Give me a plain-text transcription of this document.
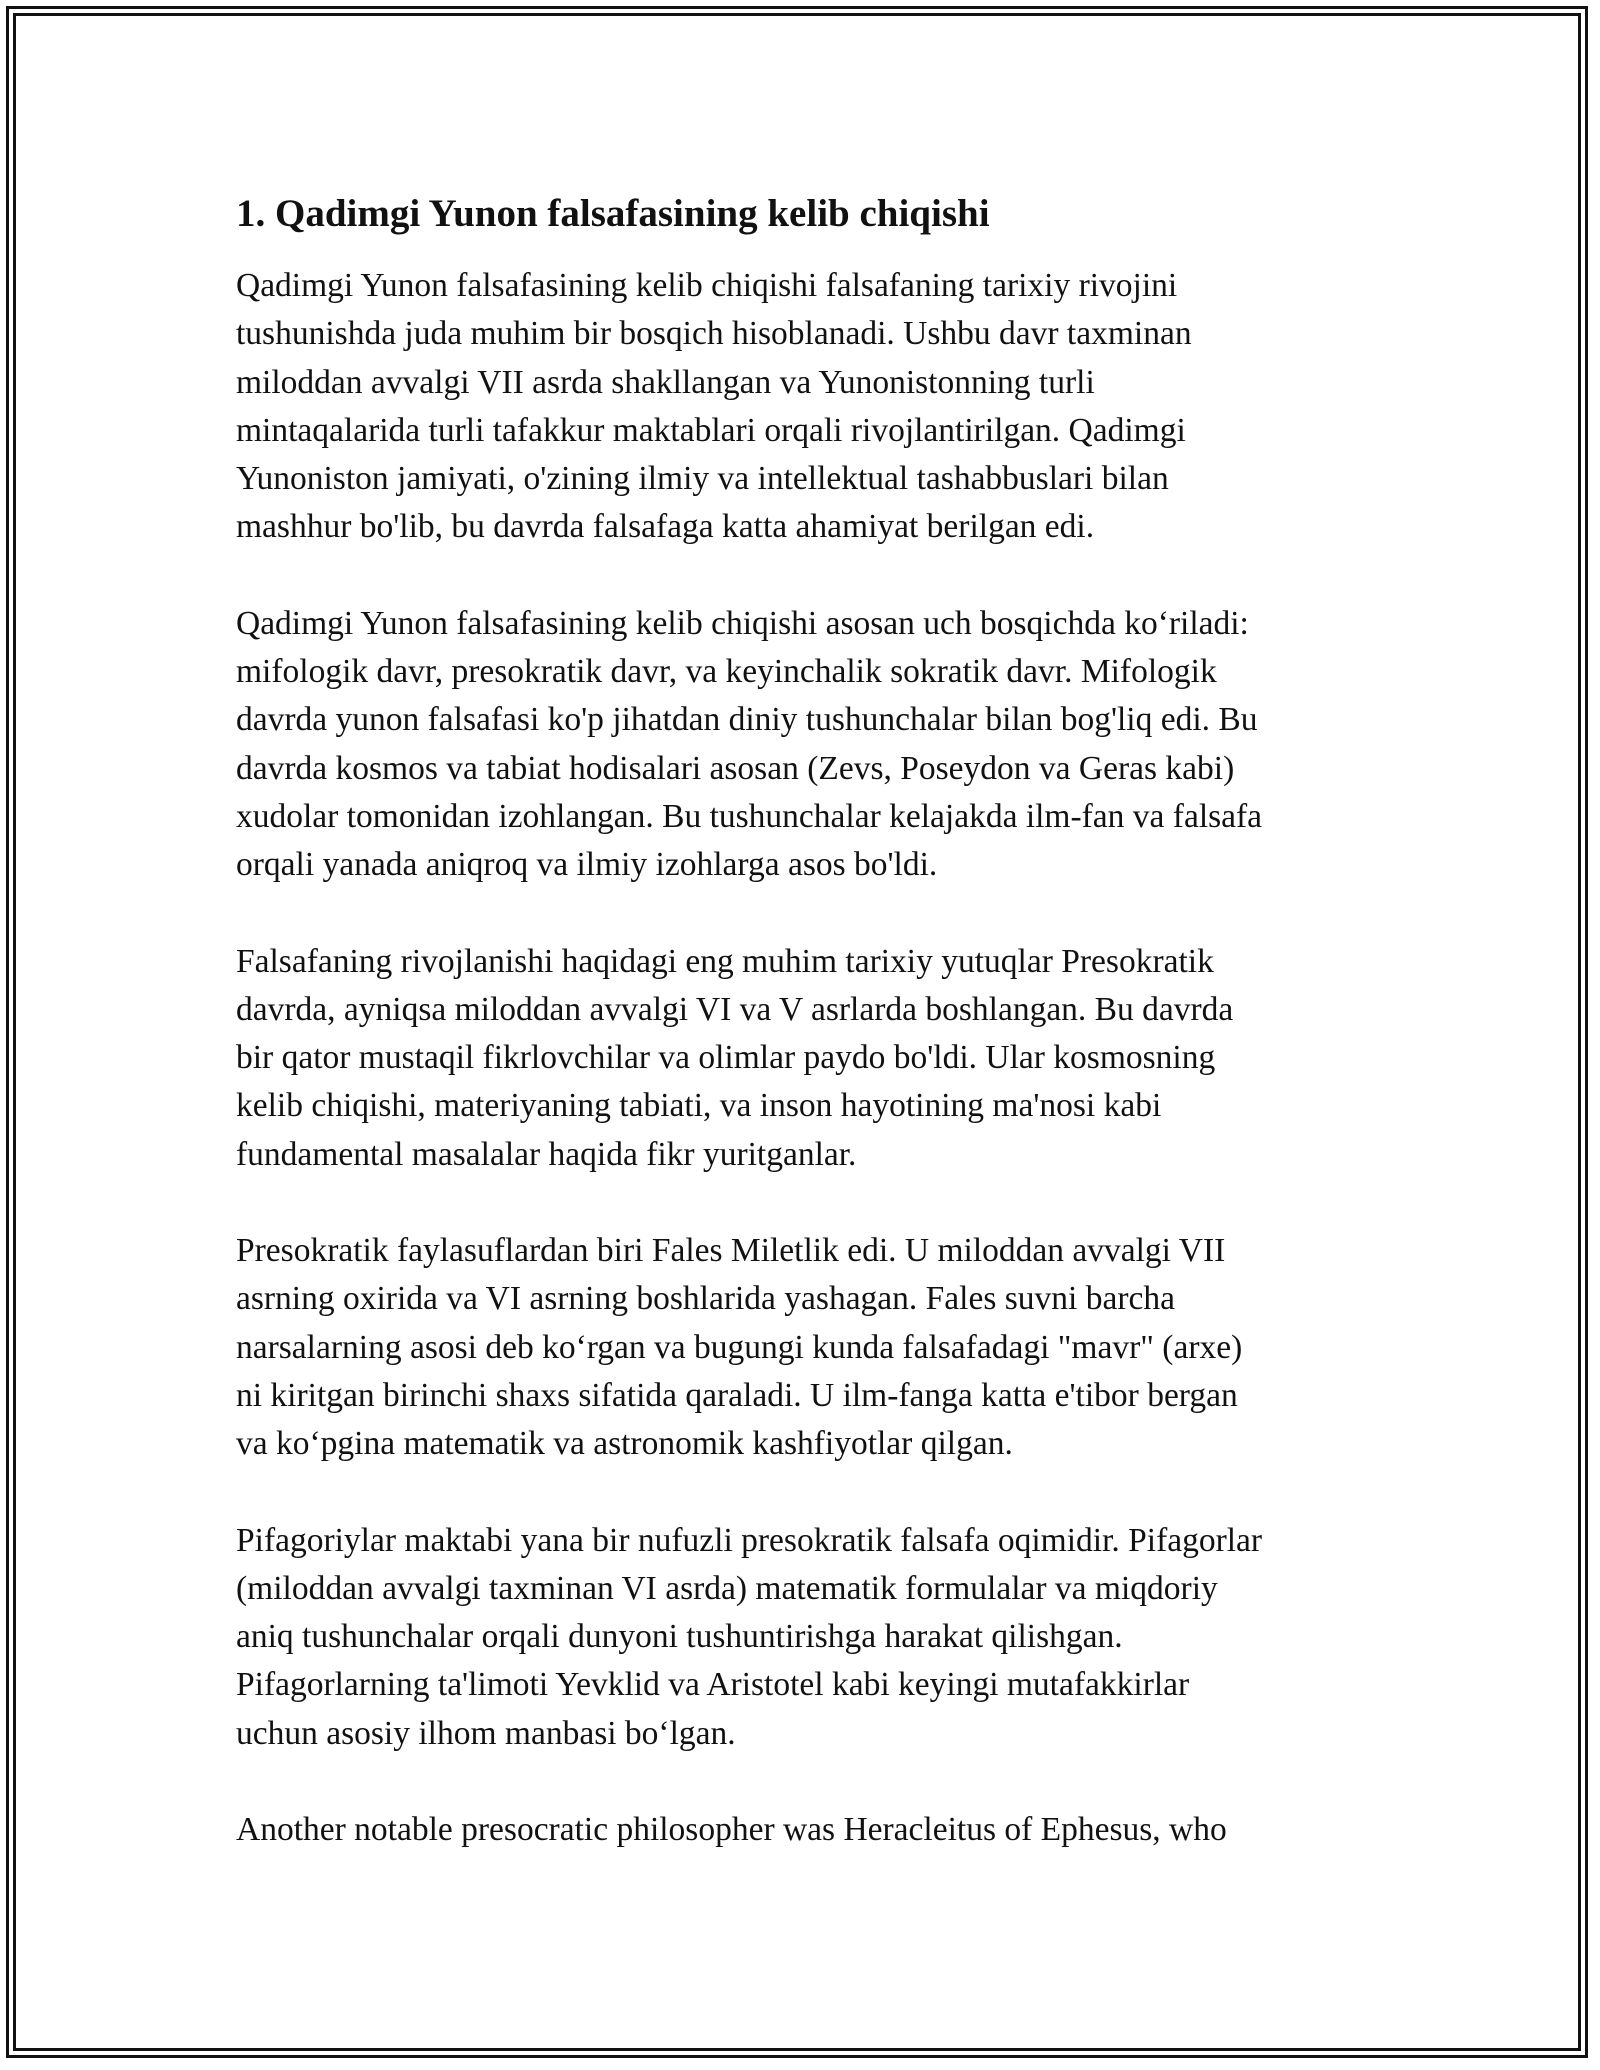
1. Qadimgi Yunon falsafasining kelib chiqishi

Qadimgi Yunon falsafasining kelib chiqishi falsafaning tarixiy rivojini
tushunishda juda muhim bir bosqich hisoblanadi. Ushbu davr taxminan
miloddan avvalgi VII asrda shakllangan va Yunonistonning turli
mintaqalarida turli tafakkur maktablari orqali rivojlantirilgan. Qadimgi
Yunoniston jamiyati, o'zining ilmiy va intellektual tashabbuslari bilan
mashhur bo'lib, bu davrda falsafaga katta ahamiyat berilgan edi.

Qadimgi Yunon falsafasining kelib chiqishi asosan uch bosqichda ko‘riladi:
mifologik davr, presokratik davr, va keyinchalik sokratik davr. Mifologik
davrda yunon falsafasi ko'p jihatdan diniy tushunchalar bilan bog'liq edi. Bu
davrda kosmos va tabiat hodisalari asosan (Zevs, Poseydon va Geras kabi)
xudolar tomonidan izohlangan. Bu tushunchalar kelajakda ilm-fan va falsafa
orqali yanada aniqroq va ilmiy izohlarga asos bo'ldi.

Falsafaning rivojlanishi haqidagi eng muhim tarixiy yutuqlar Presokratik
davrda, ayniqsa miloddan avvalgi VI va V asrlarda boshlangan. Bu davrda
bir qator mustaqil fikrlovchilar va olimlar paydo bo'ldi. Ular kosmosning
kelib chiqishi, materiyaning tabiati, va inson hayotining ma'nosi kabi
fundamental masalalar haqida fikr yuritganlar.

Presokratik faylasuflardan biri Fales Miletlik edi. U miloddan avvalgi VII
asrning oxirida va VI asrning boshlarida yashagan. Fales suvni barcha
narsalarning asosi deb ko‘rgan va bugungi kunda falsafadagi "mavr" (arxe)
ni kiritgan birinchi shaxs sifatida qaraladi. U ilm-fanga katta e'tibor bergan
va ko‘pgina matematik va astronomik kashfiyotlar qilgan.

Pifagoriylar maktabi yana bir nufuzli presokratik falsafa oqimidir. Pifagorlar
(miloddan avvalgi taxminan VI asrda) matematik formulalar va miqdoriy
aniq tushunchalar orqali dunyoni tushuntirishga harakat qilishgan.
Pifagorlarning ta'limoti Yevklid va Aristotel kabi keyingi mutafakkirlar
uchun asosiy ilhom manbasi bo‘lgan.

Another notable presocratic philosopher was Heracleitus of Ephesus, who
